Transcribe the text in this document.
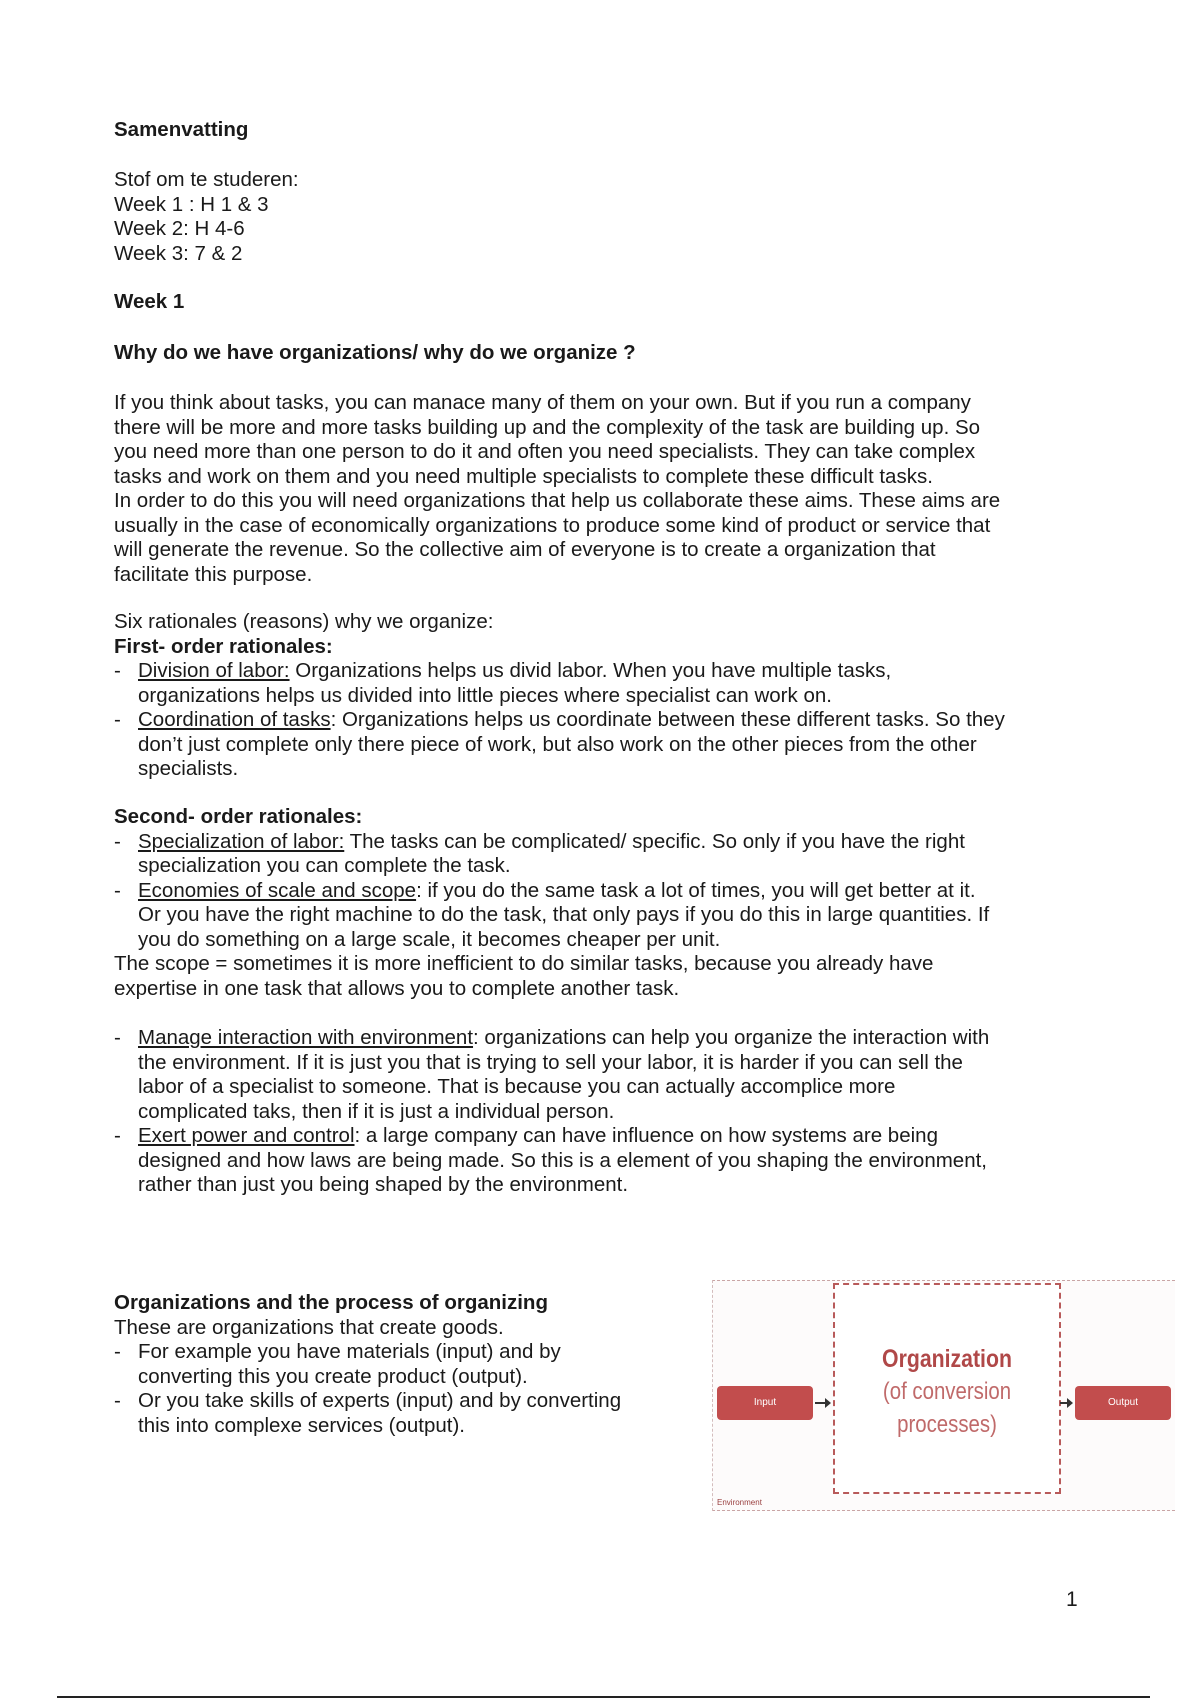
Samenvatting
Stof om te studeren:
Week 1 : H 1 & 3
Week 2: H 4-6
Week 3: 7 & 2
Week 1
Why do we have organizations/ why do we organize ?
If you think about tasks, you can manace many of them on your own. But if you run a company
there will be more and more tasks building up and the complexity of the task are building up. So
you need more than one person to do it and often you need specialists. They can take complex
tasks and work on them and you need multiple specialists to complete these difficult tasks.
In order to do this you will need organizations that help us collaborate these aims. These aims are
usually in the case of economically organizations to produce some kind of product or service that
will generate the revenue. So the collective aim of everyone is to create a organization that
facilitate this purpose.
Six rationales (reasons) why we organize:
First- order rationales:
- Division of labor: Organizations helps us divid labor. When you have multiple tasks,
organizations helps us divided into little pieces where specialist can work on.
- Coordination of tasks: Organizations helps us coordinate between these different tasks. So they
don’t just complete only there piece of work, but also work on the other pieces from the other
specialists.
Second- order rationales:
- Specialization of labor: The tasks can be complicated/ specific. So only if you have the right
specialization you can complete the task.
- Economies of scale and scope: if you do the same task a lot of times, you will get better at it.
Or you have the right machine to do the task, that only pays if you do this in large quantities. If
you do something on a large scale, it becomes cheaper per unit.
The scope = sometimes it is more inefficient to do similar tasks, because you already have
expertise in one task that allows you to complete another task.
- Manage interaction with environment: organizations can help you organize the interaction with
the environment. If it is just you that is trying to sell your labor, it is harder if you can sell the
labor of a specialist to someone. That is because you can actually accomplice more
complicated taks, then if it is just a individual person.
- Exert power and control: a large company can have influence on how systems are being
designed and how laws are being made. So this is a element of you shaping the environment,
rather than just you being shaped by the environment.
Organizations and the process of organizing
These are organizations that create goods.
- For example you have materials (input) and by
converting this you create product (output).
- Or you take skills of experts (input) and by converting
this into complexe services (output).
Input
Organization
(of conversion
processes)
Output
Environment
1
